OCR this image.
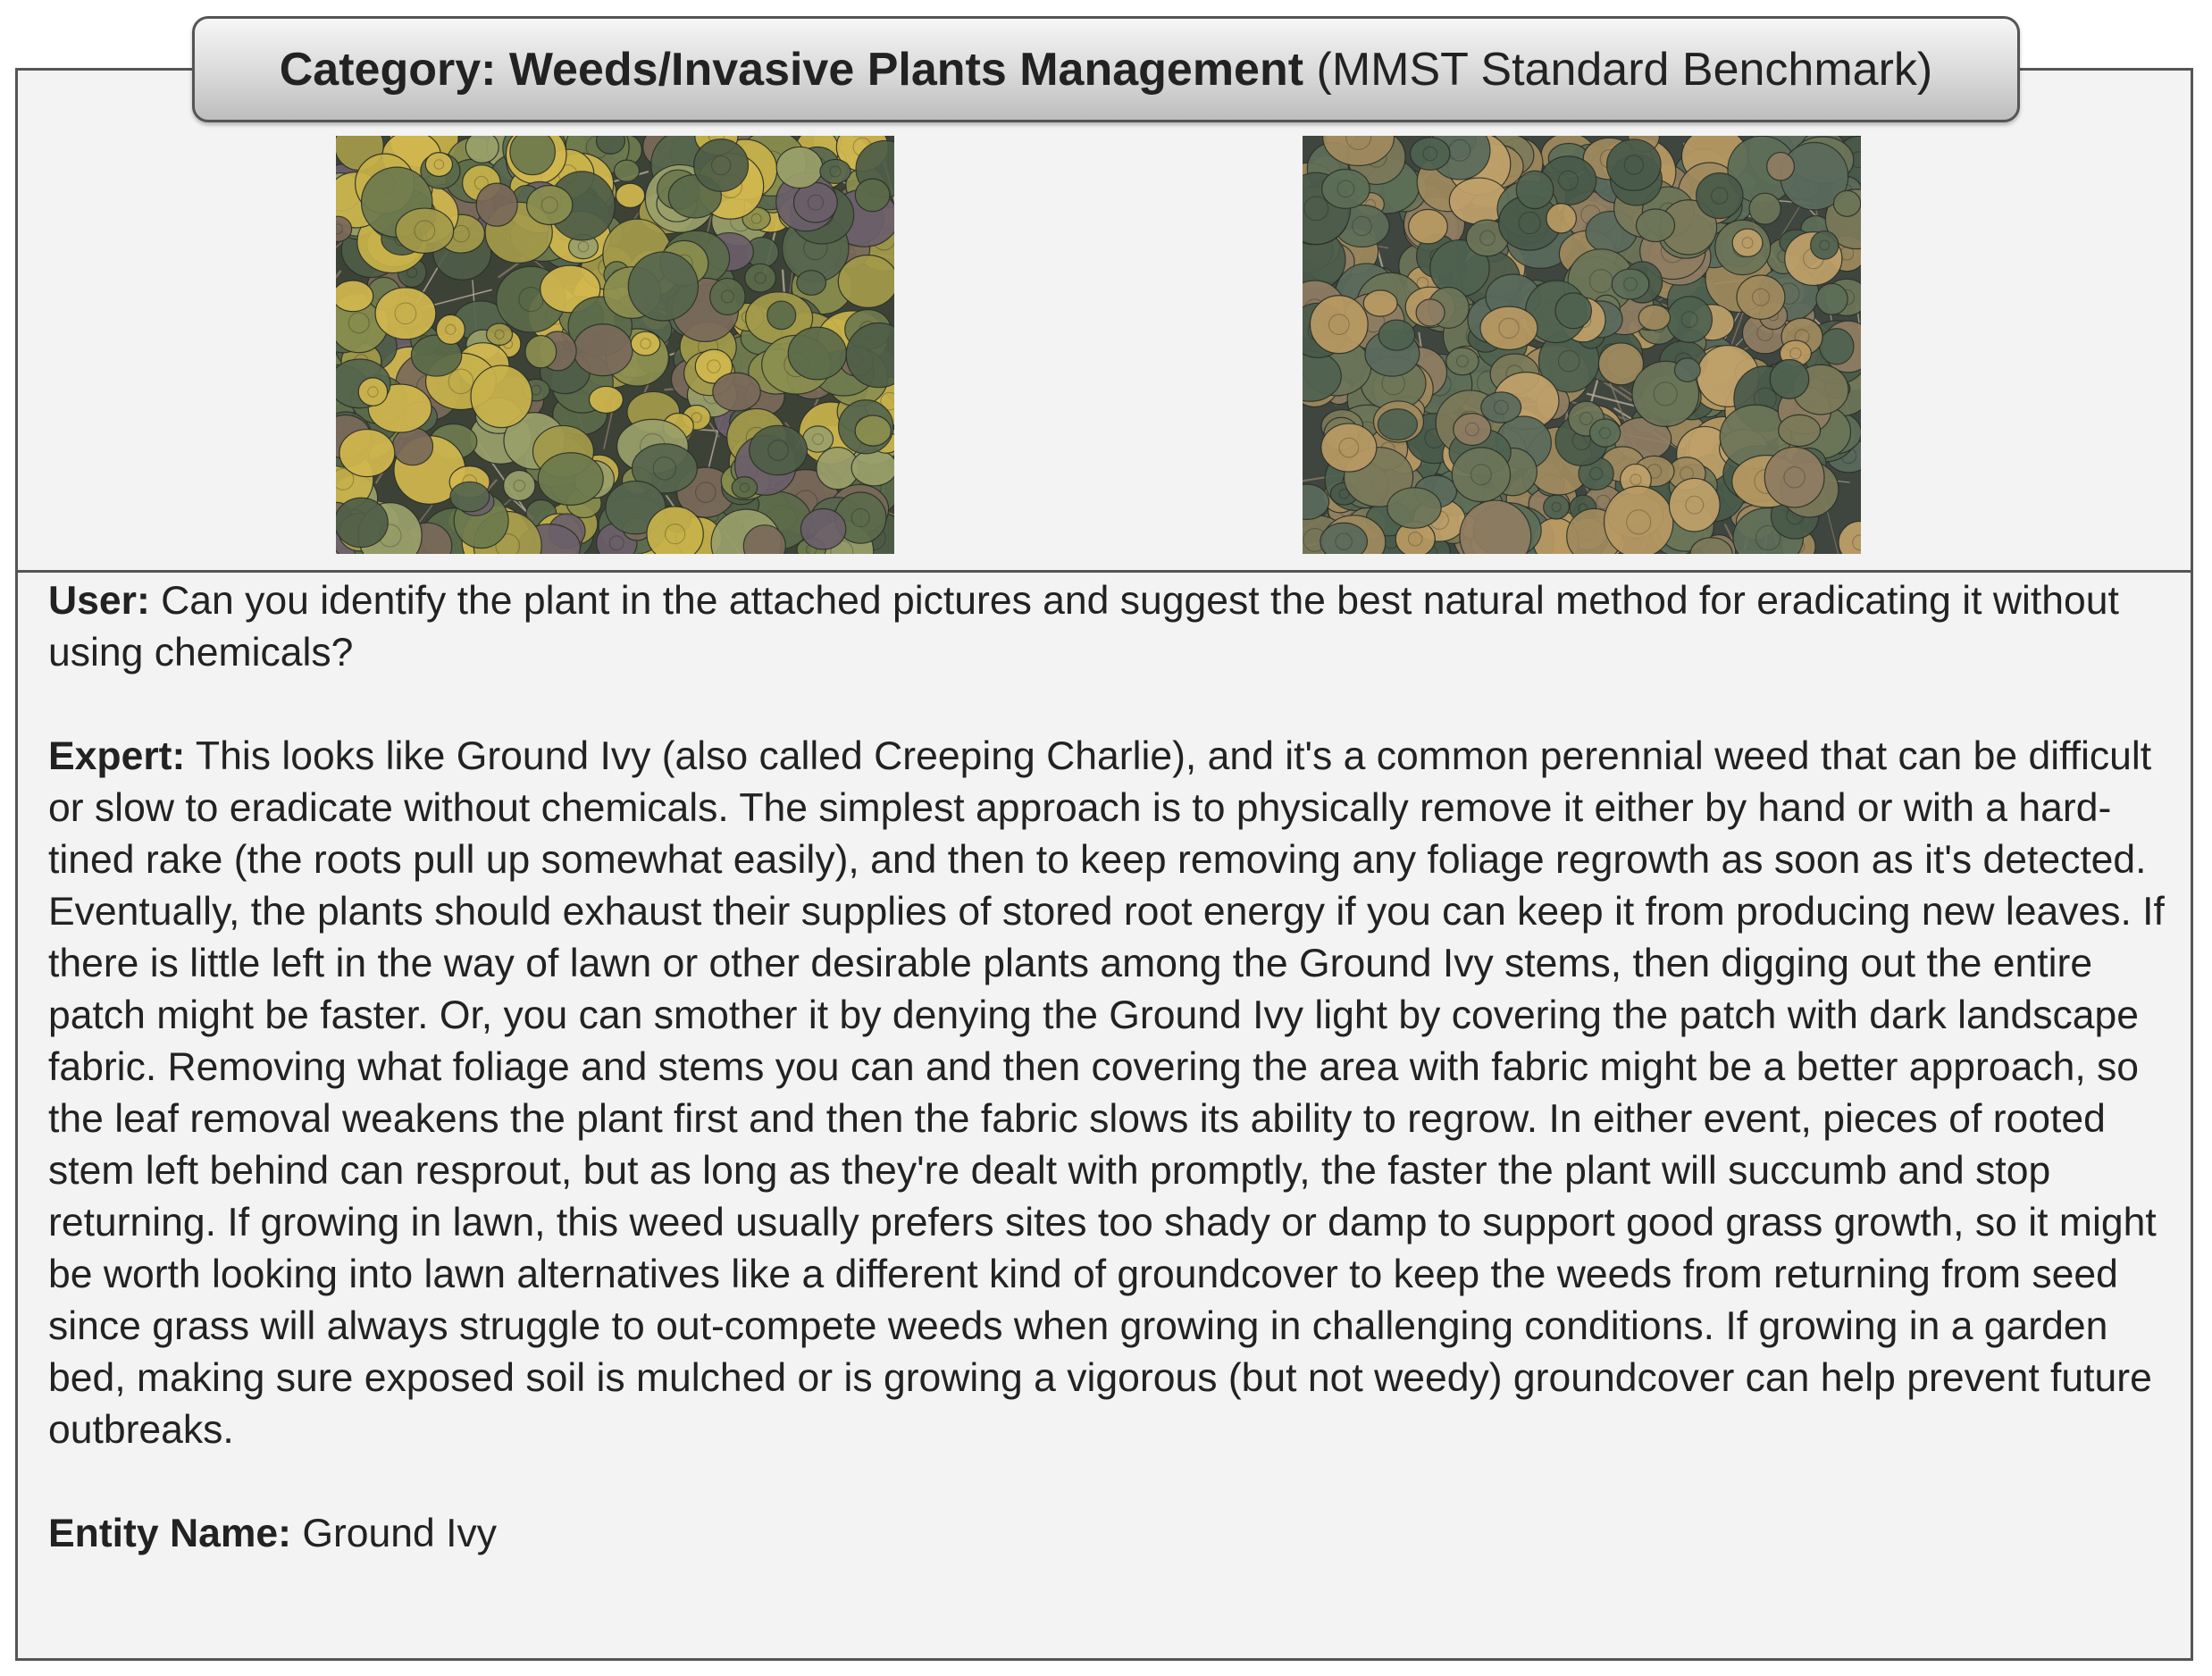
Category: Weeds/Invasive Plants Management (MMST Standard Benchmark)

User: Can you identify the plant in the attached pictures and suggest the best natural method for eradicating it without using chemicals?

Expert: This looks like Ground Ivy (also called Creeping Charlie), and it's a common perennial weed that can be difficult or slow to eradicate without chemicals. The simplest approach is to physically remove it either by hand or with a hard-tined rake (the roots pull up somewhat easily), and then to keep removing any foliage regrowth as soon as it's detected. Eventually, the plants should exhaust their supplies of stored root energy if you can keep it from producing new leaves. If there is little left in the way of lawn or other desirable plants among the Ground Ivy stems, then digging out the entire patch might be faster. Or, you can smother it by denying the Ground Ivy light by covering the patch with dark landscape fabric. Removing what foliage and stems you can and then covering the area with fabric might be a better approach, so the leaf removal weakens the plant first and then the fabric slows its ability to regrow. In either event, pieces of rooted stem left behind can resprout, but as long as they're dealt with promptly, the faster the plant will succumb and stop returning. If growing in lawn, this weed usually prefers sites too shady or damp to support good grass growth, so it might be worth looking into lawn alternatives like a different kind of groundcover to keep the weeds from returning from seed since grass will always struggle to out-compete weeds when growing in challenging conditions. If growing in a garden bed, making sure exposed soil is mulched or is growing a vigorous (but not weedy) groundcover can help prevent future outbreaks.

Entity Name: Ground Ivy
